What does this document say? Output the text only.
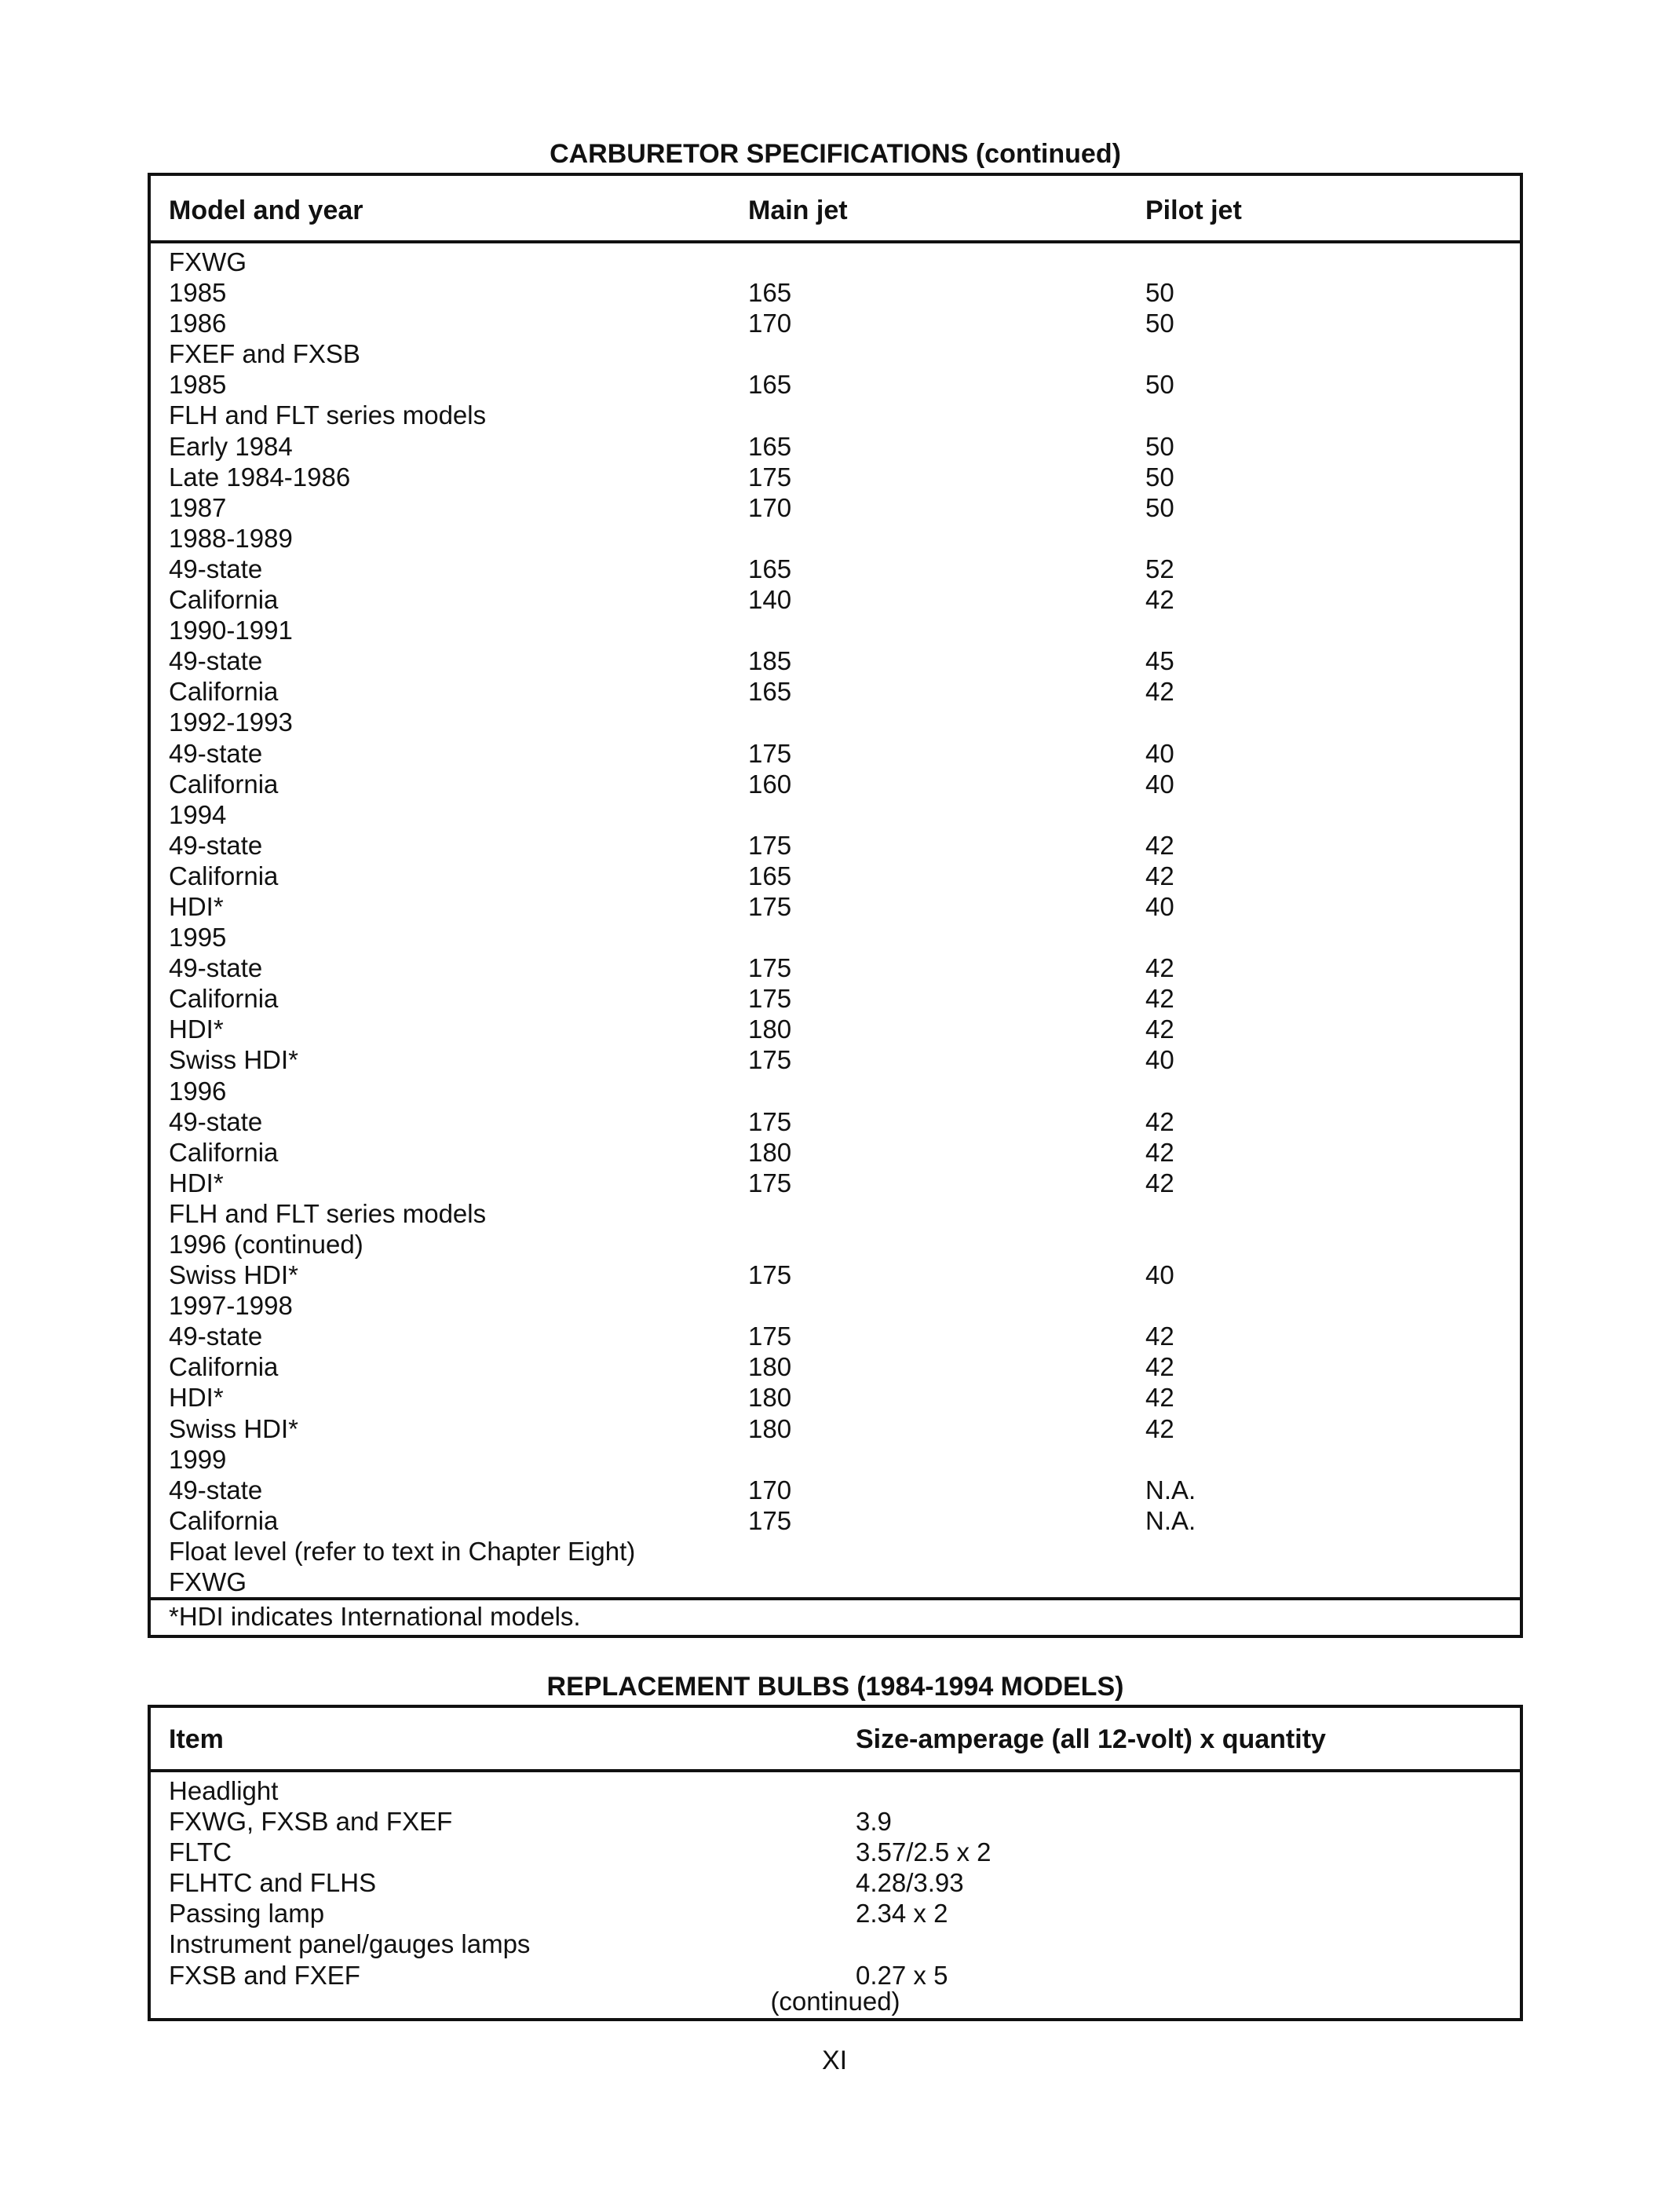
CARBURETOR SPECIFICATIONS (continued)
Model and year	Main jet	Pilot jet
FXWG
1985	165	50
1986	170	50
FXEF and FXSB
1985	165	50
FLH and FLT series models
Early 1984	165	50
Late 1984-1986	175	50
1987	170	50
1988-1989
49-state	165	52
California	140	42
1990-1991
49-state	185	45
California	165	42
1992-1993
49-state	175	40
California	160	40
1994
49-state	175	42
California	165	42
HDI*	175	40
1995
49-state	175	42
California	175	42
HDI*	180	42
Swiss HDI*	175	40
1996
49-state	175	42
California	180	42
HDI*	175	42
FLH and FLT series models
1996 (continued)
Swiss HDI*	175	40
1997-1998
49-state	175	42
California	180	42
HDI*	180	42
Swiss HDI*	180	42
1999
49-state	170	N.A.
California	175	N.A.
Float level (refer to text in Chapter Eight)
FXWG
*HDI indicates International models.
REPLACEMENT BULBS (1984-1994 MODELS)
Item	Size-amperage (all 12-volt) x quantity
Headlight
FXWG, FXSB and FXEF	3.9
FLTC	3.57/2.5 x 2
FLHTC and FLHS	4.28/3.93
Passing lamp	2.34 x 2
Instrument panel/gauges lamps
FXSB and FXEF	0.27 x 5
(continued)
XI
